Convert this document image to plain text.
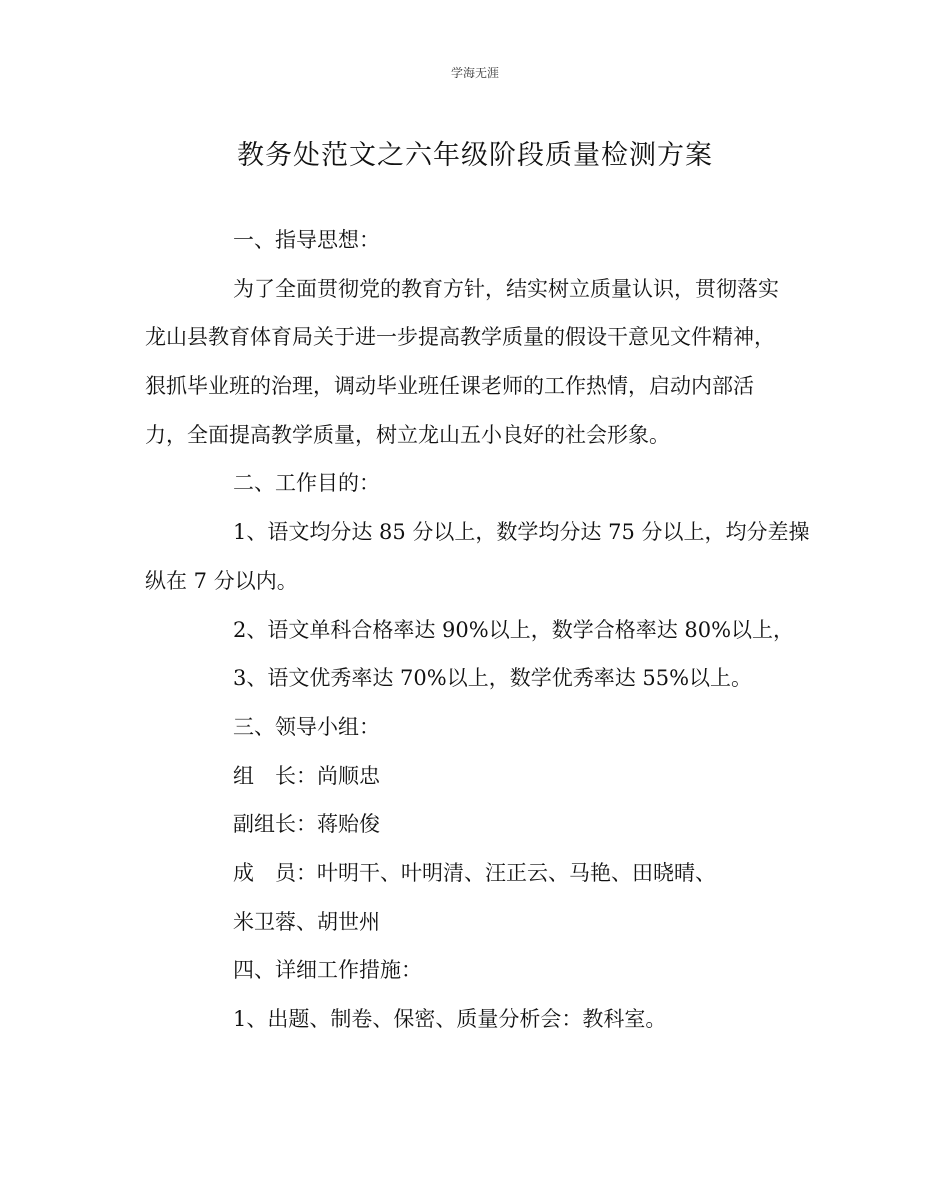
学海无涯
教务处范文之六年级阶段质量检测方案
一、指导思想：
为了全面贯彻党的教育方针，结实树立质量认识，贯彻落实
龙山县教育体育局关于进一步提高教学质量的假设干意见文件精神，
狠抓毕业班的治理，调动毕业班任课老师的工作热情，启动内部活
力，全面提高教学质量，树立龙山五小良好的社会形象。
二、工作目的：
1、语文均分达 85 分以上，数学均分达 75 分以上，均分差操
纵在 7 分以内。
2、语文单科合格率达 90%以上，数学合格率达 80%以上，
3、语文优秀率达 70%以上，数学优秀率达 55%以上。
三、领导小组：
组　长：尚顺忠
副组长：蒋贻俊
成　员：叶明干、叶明清、汪正云、马艳、田晓晴、
米卫蓉、胡世州
四、详细工作措施：
1、出题、制卷、保密、质量分析会：教科室。
